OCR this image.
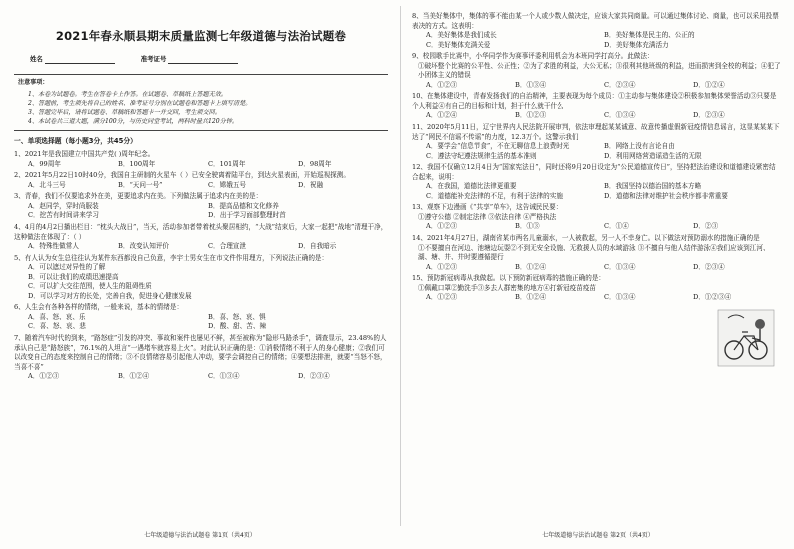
2021年春永顺县期末质量监测七年级道德与法治试题卷
姓名	准考证号
注意事项：
1、本卷为试题卷。考生在答卷卡上作答。在试题卷、草稿纸上答题无效。
2、答题前，考生须先将自己的姓名、准考证号分别在试题卷和答题卡上填写清楚。
3、答题完毕后，请将试题卷、草稿纸和答题卡一并交回，考生须交回。
4、本试卷共三道大题，满分100分，与历史同堂考试，两科时量共120分钟。
一、单项选择题（每小题3分，共45分）
1、2021年是我国建立中国共产党( )周年纪念。
A．99周年	B．100周年	C．101周年	D．98周年
2、2021年5月22日10时40分，我国自主研制的火星车（ ）已安全驶离着陆平台，到达火星表面，开始巡视探测。
A．北斗三号	B．“天问一号”	C．嫦娥五号	D．祝融
3、青春，我们不仅要追求外在美，更要追求内在美。下列做法属于追求内在美的是：
A．赵同学，穿时尚服装	B．提高品德和文化修养
C．挖苦有时间讲来学习	D．出于学习面部整理时首
4、4月的4月2日播出栏目：“枕头大战日”，当天，活动参加者带着枕头聚居相约，“大战”结束后，大家一起把“战地”清理干净，这种做法在体现了：（ ）
A．特殊性做常人	B．改变认知评价	C．合理宣泄	D．自我暗示
5、有人认为女生总往往认为某件东西都没自己负意，李宇士男女生在市文件作用理方，下列说法正确的是：
A．可以遮过对异性的了解
B．可以让我们的成绩迅速提高
C．可以扩大交往范围，使人生的阻碍性质
D．可以学习对方的长处，完善自我，促进身心健康发展
6、人生会有各种各样的情绪，一般来说，基本的情绪是：
A．喜、怒、哀、乐	B．喜、怒、哀、惧
C．喜、怒、哀、悲	D．酸、甜、苦、辣
7、随着汽车时代的到来，“路怒症”引发的冲突、事故和案件也屡见不鲜，甚至被称为“隐形马路杀手”，调查显示，23.48%的人承认自己是“路怒族”，76.1%的人坦言“一遇堵车就容易上火”。对此认识正确的是：①消极情绪不利于人的身心健康；②我们可以改变自己的态度来控制自己的情绪；③不良情绪容易引起他人冲动，要学会调控自己的情绪；④要想法排泄，就要“当怒不怒，当喜不喜”
A．①②③	B．①②④	C．①③④	D．②③④
七年级道德与法治试题卷 第1页（共4页）
8、当美好集体中，集体的事不能由某一个人或少数人做决定，应该大家共同商量。可以通过集体讨论、商量，也可以采用投票表决的方式。这表明：
A．美好集体是我们成长	B．美好集体是民主的、公正的
C．美好集体充满关爱	D．美好集体充满活力
9、校园歌手比赛中，小华同学作为赛事评委利用机会为本班同学打高分。此做法：
①破坏整个比赛的公平性、公正性；②为了求胜的利益，大公无私；③很利其他班级的利益，进而损害到全校的利益；④犯了小团体主义的错误
A．①②③	B．①③④	C．②③④	D．①②④
10、在集体建设中，青春发扬我们的自治精神，主要表现为每个成员：①主动参与集体建设②积极参加集体荣誉活动③只要是个人利益④有自己的目标和计划，担于什么就干什么
A．①②④	B．①②③	C．①③④	D．②③④
11、2020年5月11日，辽宁世界内人民法院开展审判，依法审理起某某诚意、故意传播虚假新冠疫情信息谣言，这显某某某下达了“网民不信谣不传谣”的力度，12.3万个。这警示我们
A．要学会“信息节食”，不在无聊信息上浪费时光	B．网络上没有言论自由
C．遵法守纪遵法规律生活的基本准则	D．利用网络营造谣造生活的无限
12、我国不仅确立12月4日为“国家宪法日”，同时还将9月20日设定为“公民道德宣传日”，坚持把法治建设和道德建设紧密结合起来，说明：
A．在我国，道德比法律更重要	B．我国坚持以德治国的基本方略
C．道德能补充法律的不足，有利于法律的实施	D．道德和法律对维护社会秩序都非常重要
13、观察下边漫画《“共享”单车》，这告诫民民要：
①遵守公德 ②制定法律 ③依法自律 ④严格执法
A．①②③	B．①③	C．①④	D．②③
14、2021年4月27日，湖南省某市两名儿童溺水，一人被救起，另一人不幸身亡。以下做法对预防溺水的措施正确的是
①不要擅自在河边、池塘边玩耍②不到无安全设施、无救援人员的水域游泳 ③不擅自与他人结伴游泳④我们应该到江河、湖、塘、井、井时要遵循提行
A．①②③	B．①②④	C．①③④	D．②③④
15、预防新冠病毒从我做起。以下预防新冠病毒的措施正确的是：
①佩戴口罩②勤洗手③多去人群密集的地方④打新冠疫苗疫苗
A．①②③	B．①②④	C．①③④	D．①②③④
七年级道德与法治试题卷 第2页（共4页）
